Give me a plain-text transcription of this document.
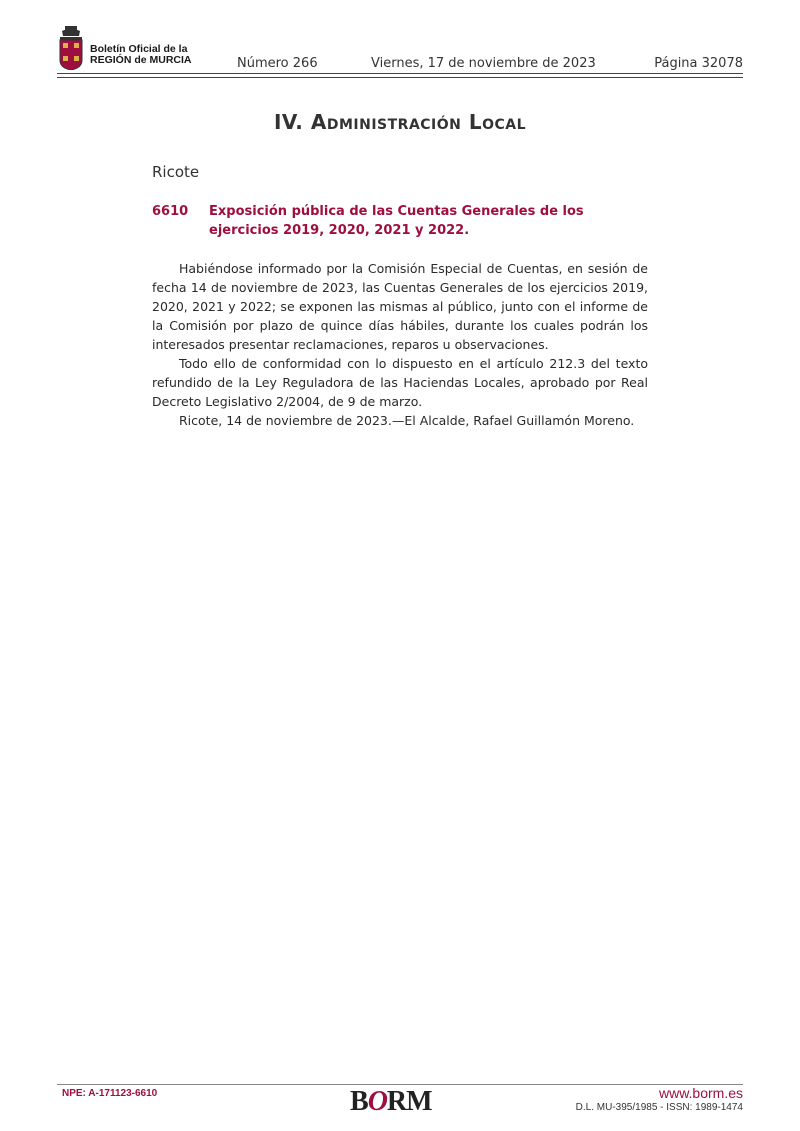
Boletín Oficial de la
REGIÓN de MURCIA	Número 266	Viernes, 17 de noviembre de 2023	Página 32078
IV. Administración Local
Ricote
6610 Exposición pública de las Cuentas Generales de los ejercicios 2019, 2020, 2021 y 2022.

Habiéndose informado por la Comisión Especial de Cuentas, en sesión de fecha 14 de noviembre de 2023, las Cuentas Generales de los ejercicios 2019, 2020, 2021 y 2022; se exponen las mismas al público, junto con el informe de la Comisión por plazo de quince días hábiles, durante los cuales podrán los interesados presentar reclamaciones, reparos u observaciones.

Todo ello de conformidad con lo dispuesto en el artículo 212.3 del texto refundido de la Ley Reguladora de las Haciendas Locales, aprobado por Real Decreto Legislativo 2/2004, de 9 de marzo.

Ricote, 14 de noviembre de 2023.—El Alcalde, Rafael Guillamón Moreno.

NPE: A-171123-6610	BORM	www.borm.es
D.L. MU-395/1985 - ISSN: 1989-1474
